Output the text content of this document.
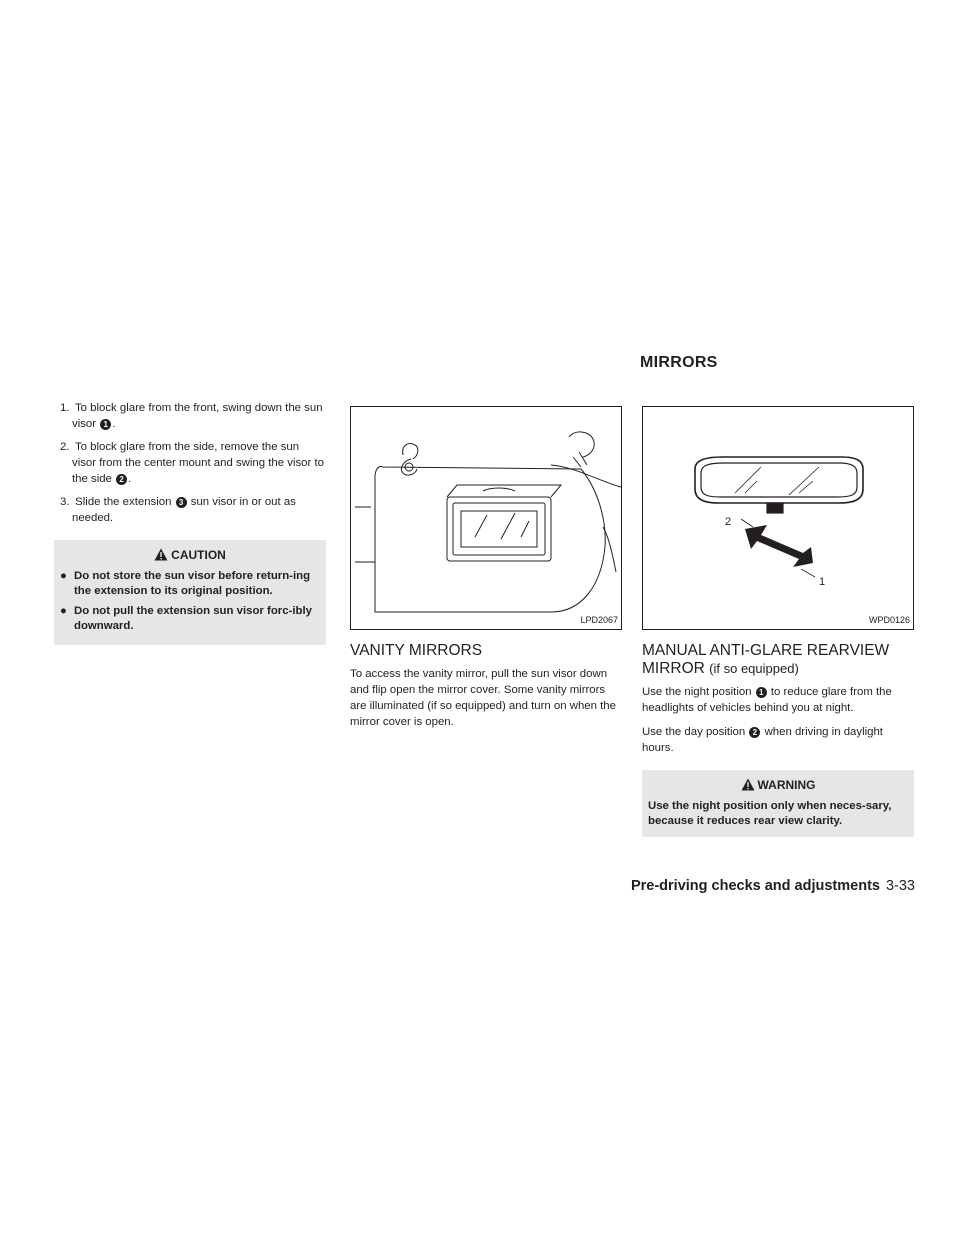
MIRRORS

1. To block glare from the front, swing down the sun visor 1 .

2. To block glare from the side, remove the sun visor from the center mount and swing the visor to the side 2 .

3. Slide the extension 3 sun visor in or out as needed.

CAUTION

● Do not store the sun visor before return-ing the extension to its original position.

● Do not pull the extension sun visor forc-ibly downward.	LPD2067
VANITY MIRRORS

To access the vanity mirror, pull the sun visor down and flip open the mirror cover. Some vanity mirrors are illuminated (if so equipped) and turn on when the mirror cover is open.

2
1
WPD0126
MANUAL ANTI-GLARE REARVIEW MIRROR (if so equipped)

Use the night position 1 to reduce glare from the headlights of vehicles behind you at night.

Use the day position 2 when driving in daylight hours.

WARNING

Use the night position only when neces-sary, because it reduces rear view clarity.

Pre-driving checks and adjustments 3-33
